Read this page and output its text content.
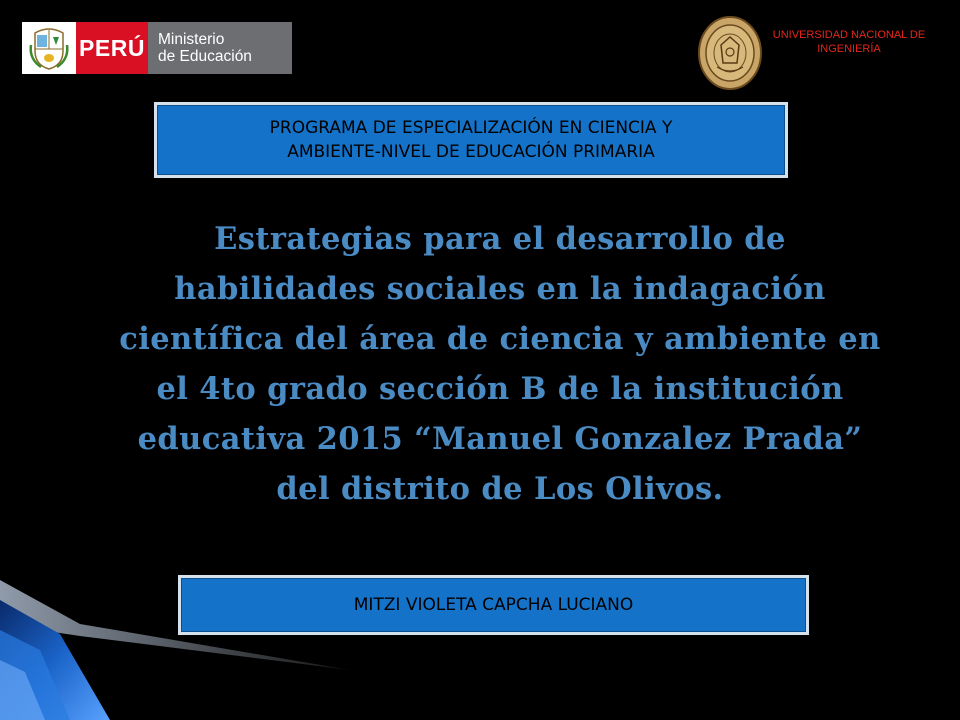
PERÚ Ministerio
de Educación
UNIVERSIDAD NACIONAL DE
INGENIERÍA
PROGRAMA DE ESPECIALIZACIÓN EN CIENCIA Y
AMBIENTE-NIVEL DE EDUCACIÓN PRIMARIA
Estrategias para el desarrollo de
habilidades sociales en la indagación
científica del área de ciencia y ambiente en
el 4to grado sección B de la institución
educativa 2015 “Manuel Gonzalez Prada”
del distrito de Los Olivos.
MITZI VIOLETA CAPCHA LUCIANO
